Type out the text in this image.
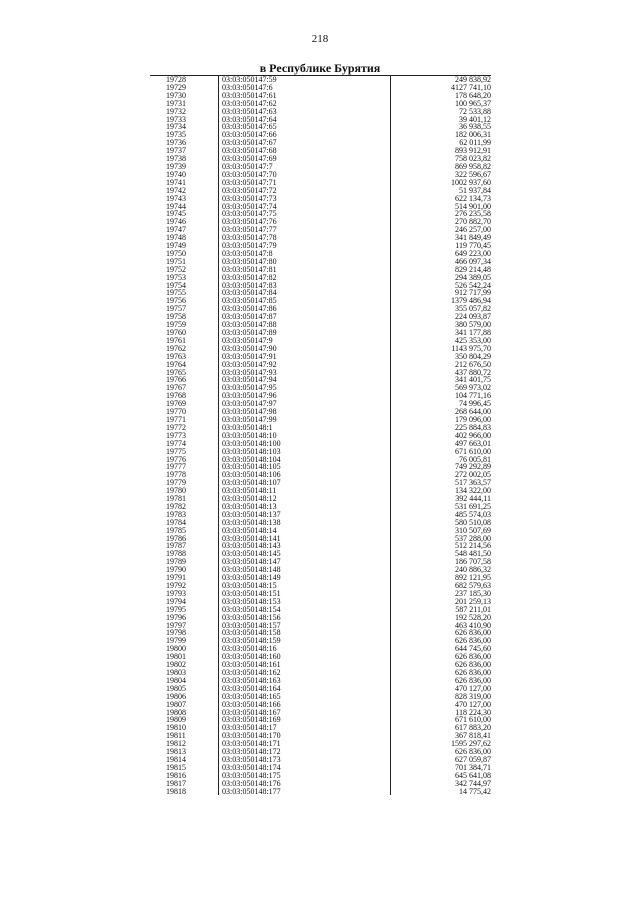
218
в Республике Бурятия
19728	03:03:050147:59	249 838,92
19729	03:03:050147:6	4127 741,10
19730	03:03:050147:61	178 648,20
19731	03:03:050147:62	100 965,37
19732	03:03:050147:63	72 533,88
19733	03:03:050147:64	39 401,12
19734	03:03:050147:65	36 938,55
19735	03:03:050147:66	182 006,31
19736	03:03:050147:67	62 011,99
19737	03:03:050147:68	893 912,91
19738	03:03:050147:69	758 023,82
19739	03:03:050147:7	869 958,82
19740	03:03:050147:70	322 596,67
19741	03:03:050147:71	1002 937,60
19742	03:03:050147:72	51 937,84
19743	03:03:050147:73	622 134,73
19744	03:03:050147:74	514 901,00
19745	03:03:050147:75	276 235,58
19746	03:03:050147:76	270 882,70
19747	03:03:050147:77	246 257,00
19748	03:03:050147:78	341 849,49
19749	03:03:050147:79	119 770,45
19750	03:03:050147:8	649 223,00
19751	03:03:050147:80	466 097,34
19752	03:03:050147:81	829 214,48
19753	03:03:050147:82	294 389,05
19754	03:03:050147:83	526 542,24
19755	03:03:050147:84	912 717,99
19756	03:03:050147:85	1379 486,94
19757	03:03:050147:86	355 057,82
19758	03:03:050147:87	224 093,87
19759	03:03:050147:88	380 579,00
19760	03:03:050147:89	341 177,88
19761	03:03:050147:9	425 353,00
19762	03:03:050147:90	1143 975,70
19763	03:03:050147:91	350 804,29
19764	03:03:050147:92	212 676,50
19765	03:03:050147:93	437 880,72
19766	03:03:050147:94	341 401,75
19767	03:03:050147:95	569 973,02
19768	03:03:050147:96	104 771,16
19769	03:03:050147:97	74 996,45
19770	03:03:050147:98	268 644,00
19771	03:03:050147:99	179 096,00
19772	03:03:050148:1	225 884,83
19773	03:03:050148:10	402 966,00
19774	03:03:050148:100	497 663,01
19775	03:03:050148:103	671 610,00
19776	03:03:050148:104	76 005,81
19777	03:03:050148:105	749 292,89
19778	03:03:050148:106	272 002,05
19779	03:03:050148:107	517 363,57
19780	03:03:050148:11	134 322,00
19781	03:03:050148:12	392 444,11
19782	03:03:050148:13	531 691,25
19783	03:03:050148:137	485 574,03
19784	03:03:050148:138	580 510,08
19785	03:03:050148:14	310 507,69
19786	03:03:050148:141	537 288,00
19787	03:03:050148:143	512 214,56
19788	03:03:050148:145	548 481,50
19789	03:03:050148:147	186 707,58
19790	03:03:050148:148	240 886,32
19791	03:03:050148:149	892 121,95
19792	03:03:050148:15	682 579,63
19793	03:03:050148:151	237 185,30
19794	03:03:050148:153	201 259,13
19795	03:03:050148:154	587 211,01
19796	03:03:050148:156	192 528,20
19797	03:03:050148:157	463 410,90
19798	03:03:050148:158	626 836,00
19799	03:03:050148:159	626 836,00
19800	03:03:050148:16	644 745,60
19801	03:03:050148:160	626 836,00
19802	03:03:050148:161	626 836,00
19803	03:03:050148:162	626 836,00
19804	03:03:050148:163	626 836,00
19805	03:03:050148:164	470 127,00
19806	03:03:050148:165	828 319,00
19807	03:03:050148:166	470 127,00
19808	03:03:050148:167	118 224,30
19809	03:03:050148:169	671 610,00
19810	03:03:050148:17	617 883,20
19811	03:03:050148:170	367 818,41
19812	03:03:050148:171	1595 297,62
19813	03:03:050148:172	626 836,00
19814	03:03:050148:173	627 059,87
19815	03:03:050148:174	701 384,71
19816	03:03:050148:175	645 641,08
19817	03:03:050148:176	342 744,97
19818	03:03:050148:177	14 775,42
